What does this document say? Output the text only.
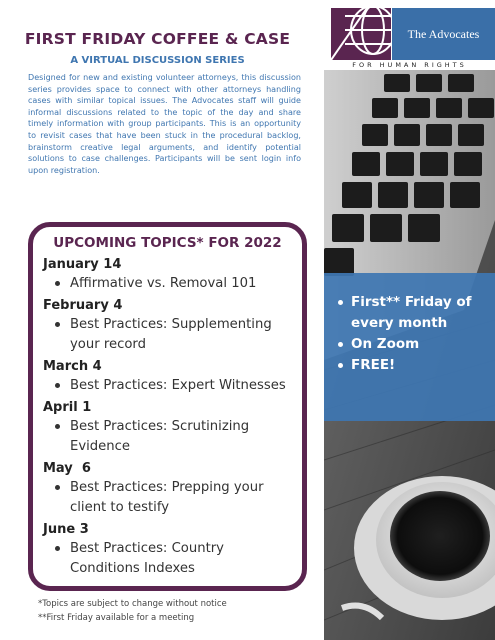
FIRST FRIDAY COFFEE & CASE
A VIRTUAL DISCUSSION SERIES

Designed for new and existing volunteer attorneys, this discussion series provides space to connect with other attorneys handling cases with similar topical issues. The Advocates staff will guide informal discussions related to the topic of the day and share timely information with group participants. This is an opportunity to revisit cases that have been stuck in the procedural backlog, brainstorm creative legal arguments, and identify potential solutions to case challenges. Participants will be sent login info upon registration.

UPCOMING TOPICS* FOR 2022
January 14
Affirmative vs. Removal 101
February 4
Best Practices: Supplementing your record
March 4
Best Practices: Expert Witnesses
April 1
Best Practices: Scrutinizing Evidence
May  6
Best Practices: Prepping your client to testify
June 3
Best Practices: Country Conditions Indexes
*Topics are subject to change without notice
**First Friday available for a meeting
The Advocates
FOR HUMAN RIGHTS
First** Friday of every month
On Zoom
FREE!
